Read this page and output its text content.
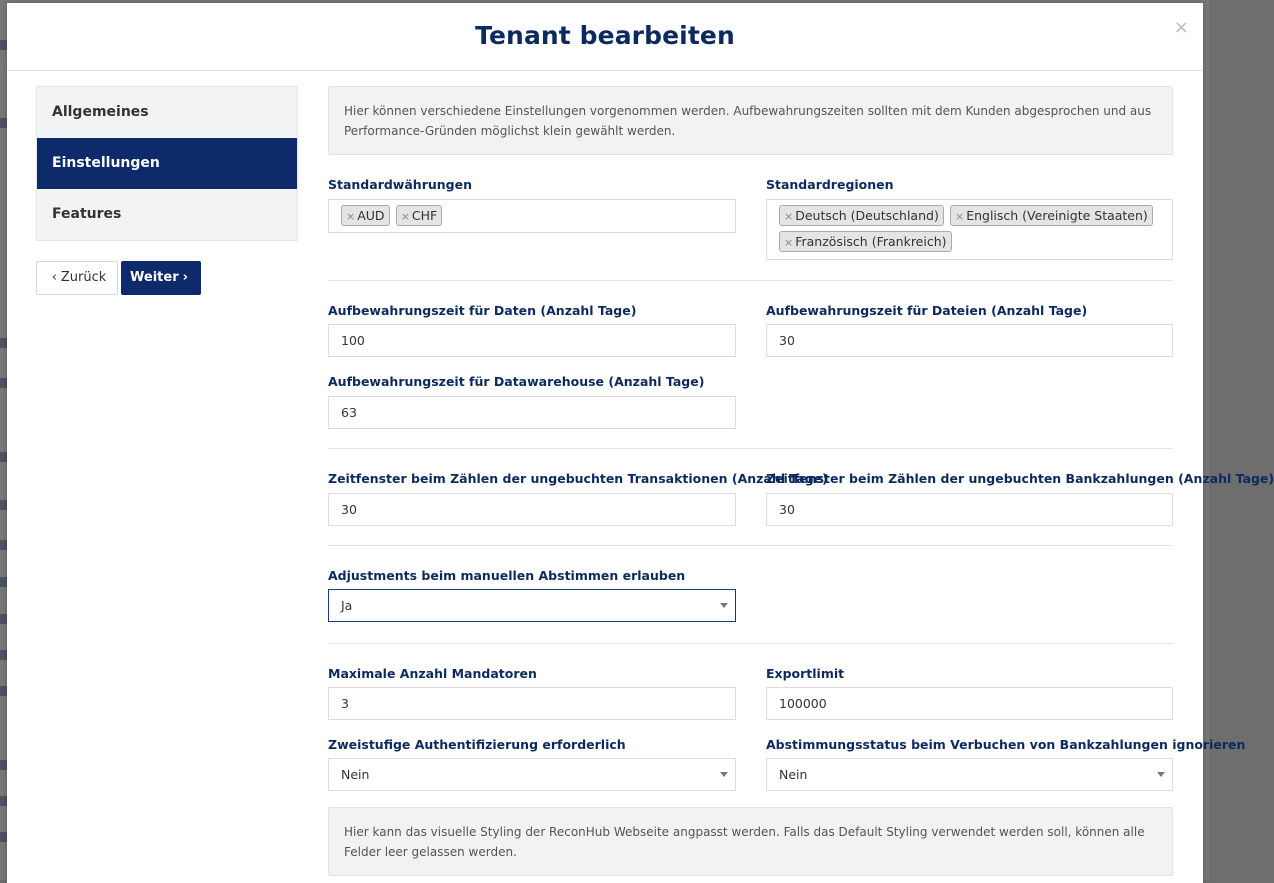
Tenant bearbeiten	×
Allgemeines
Einstellungen
Features
‹ Zurück	Weiter ›
Hier können verschiedene Einstellungen vorgenommen werden. Aufbewahrungszeiten sollten mit dem Kunden abgesprochen und aus Performance-Gründen möglichst klein gewählt werden.
Standardwährungen
× AUD × CHF
Standardregionen
× Deutsch (Deutschland) × Englisch (Vereinigte Staaten) × Französisch (Frankreich)
Aufbewahrungszeit für Daten (Anzahl Tage)
100
Aufbewahrungszeit für Dateien (Anzahl Tage)
30
Aufbewahrungszeit für Datawarehouse (Anzahl Tage)
63
Zeitfenster beim Zählen der ungebuchten Transaktionen (Anzahl Tage)
30
Zeitfenster beim Zählen der ungebuchten Bankzahlungen (Anzahl Tage)
30
Adjustments beim manuellen Abstimmen erlauben
Ja
Maximale Anzahl Mandatoren
3
Exportlimit
100000
Zweistufige Authentifizierung erforderlich
Nein
Abstimmungsstatus beim Verbuchen von Bankzahlungen ignorieren
Nein
Hier kann das visuelle Styling der ReconHub Webseite angpasst werden. Falls das Default Styling verwendet werden soll, können alle Felder leer gelassen werden.
